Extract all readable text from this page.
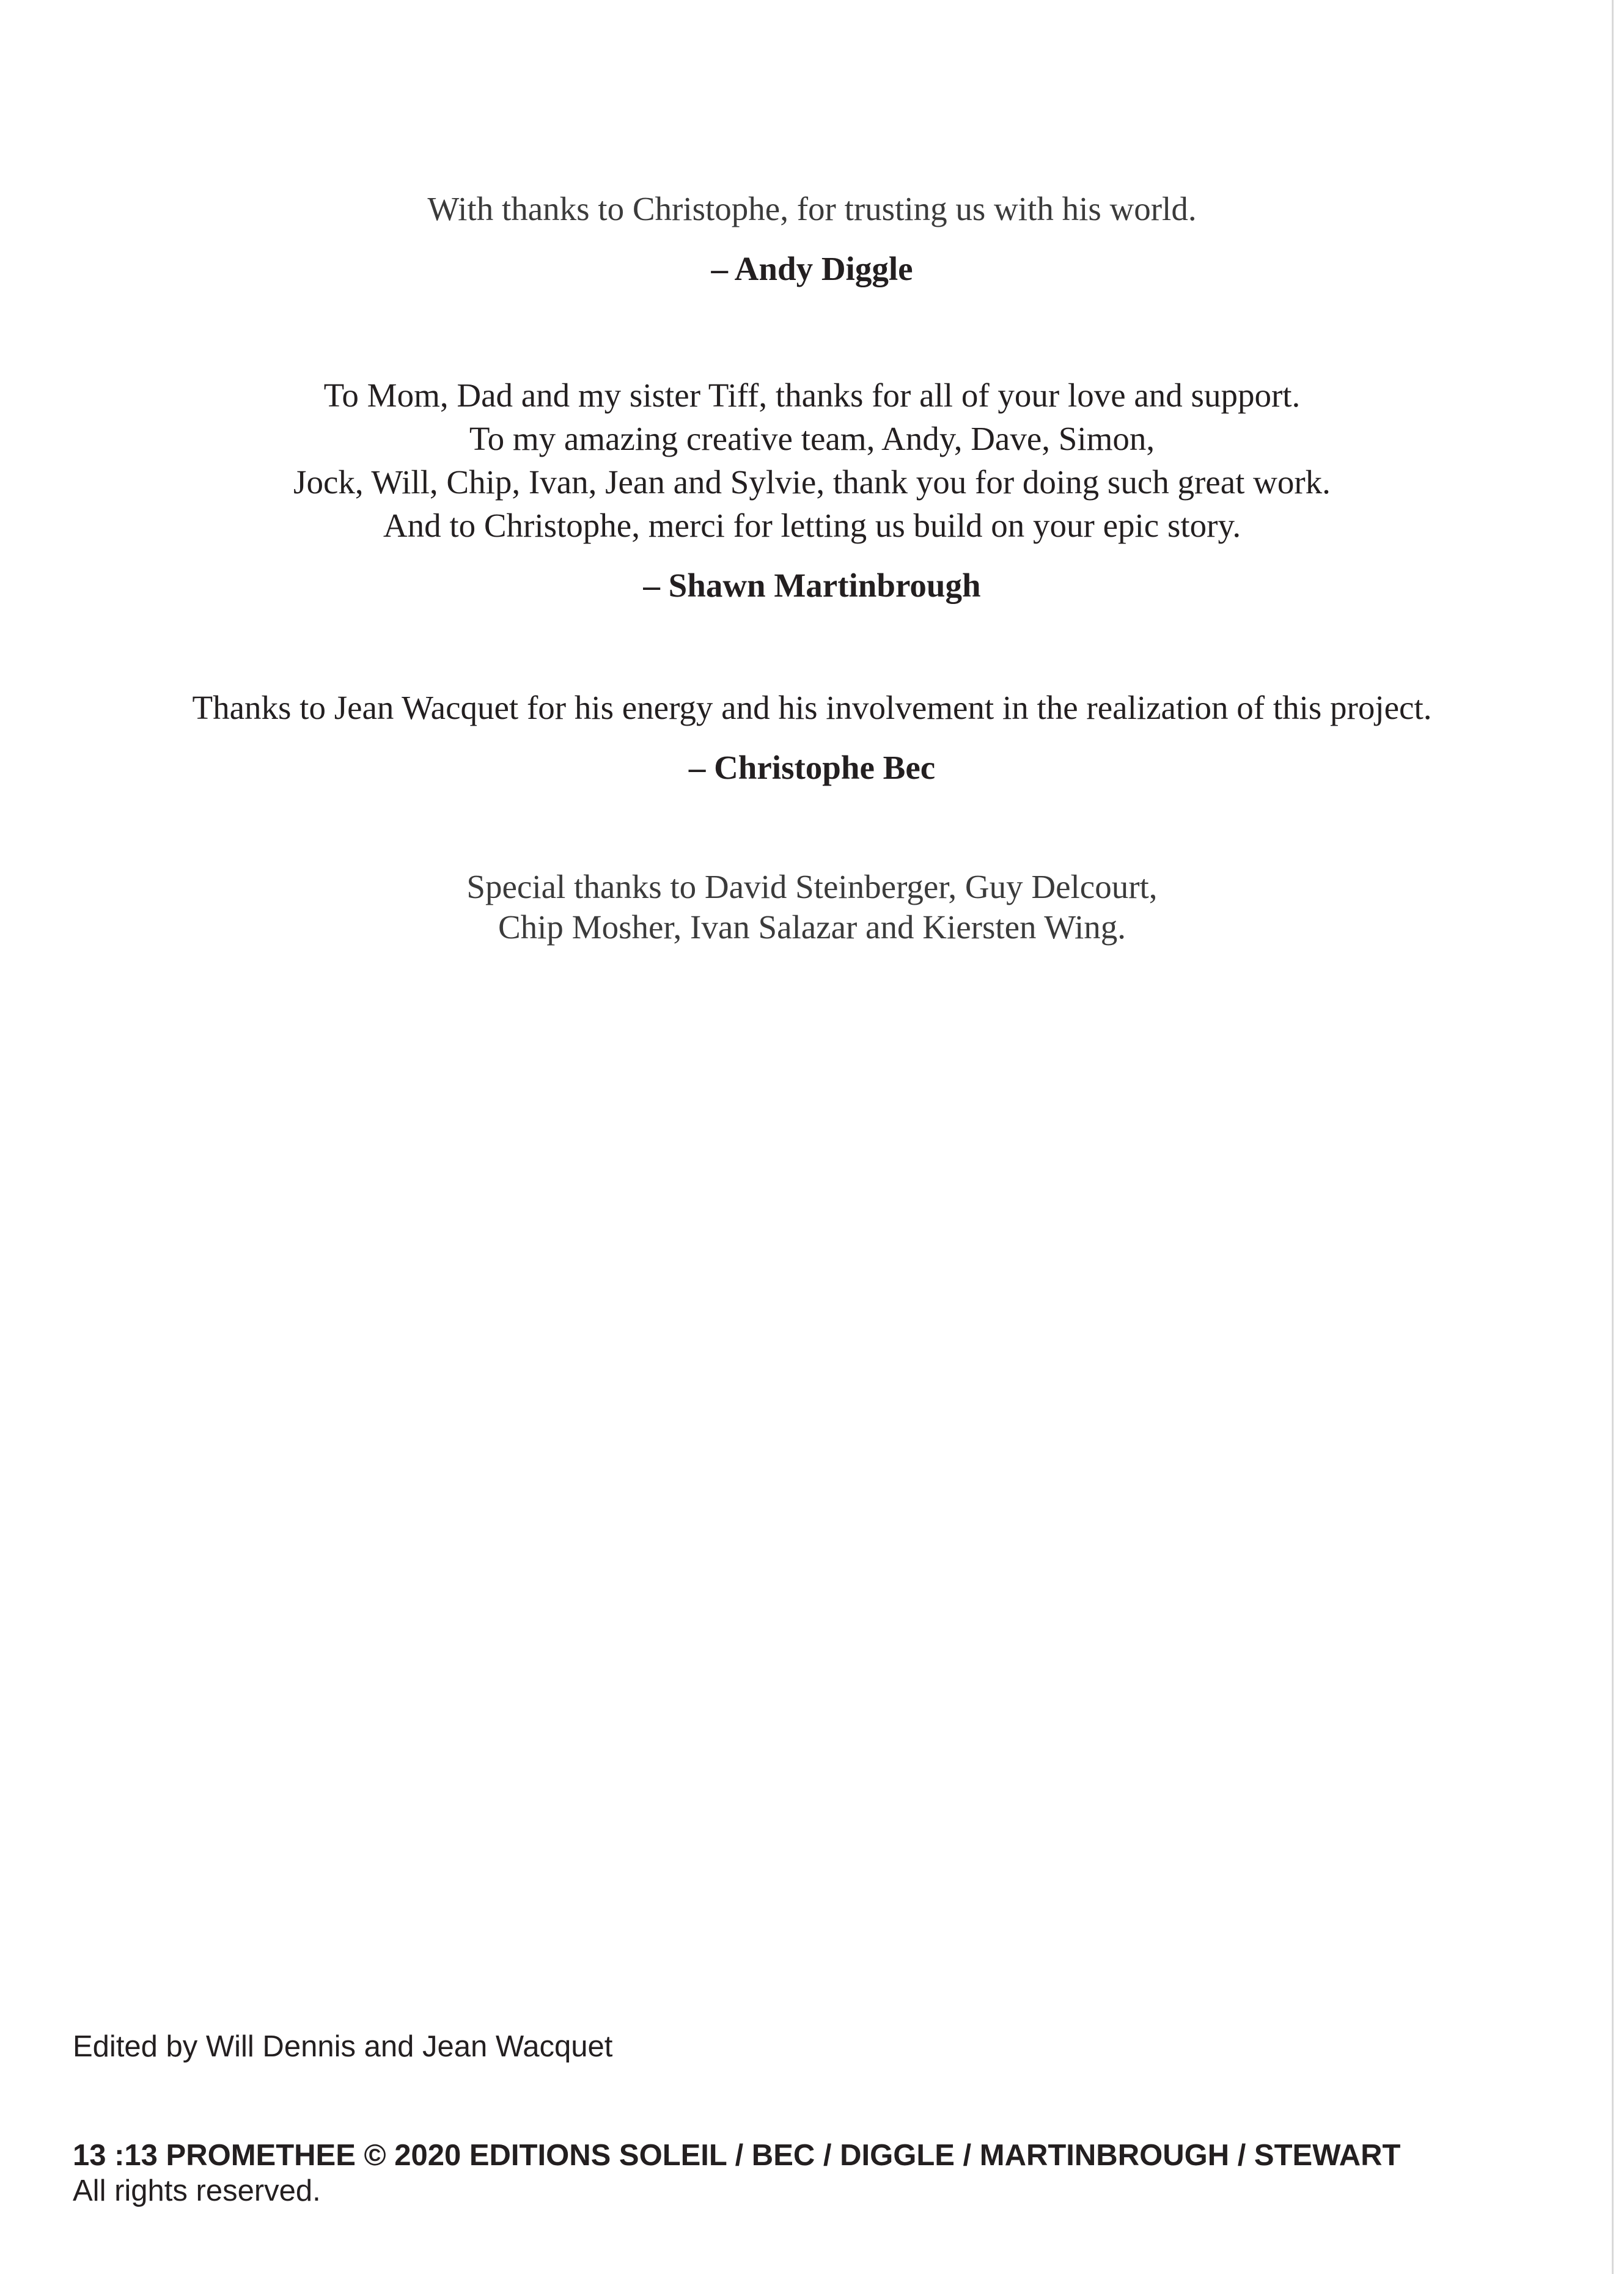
With thanks to Christophe, for trusting us with his world.
– Andy Diggle
To Mom, Dad and my sister Tiff, thanks for all of your love and support.
To my amazing creative team, Andy, Dave, Simon,
Jock, Will, Chip, Ivan, Jean and Sylvie, thank you for doing such great work.
And to Christophe, merci for letting us build on your epic story.
– Shawn Martinbrough
Thanks to Jean Wacquet for his energy and his involvement in the realization of this project.
– Christophe Bec
Special thanks to David Steinberger, Guy Delcourt,
Chip Mosher, Ivan Salazar and Kiersten Wing.
Edited by Will Dennis and Jean Wacquet
13 :13 PROMETHEE © 2020 EDITIONS SOLEIL / BEC / DIGGLE / MARTINBROUGH / STEWART
All rights reserved.
